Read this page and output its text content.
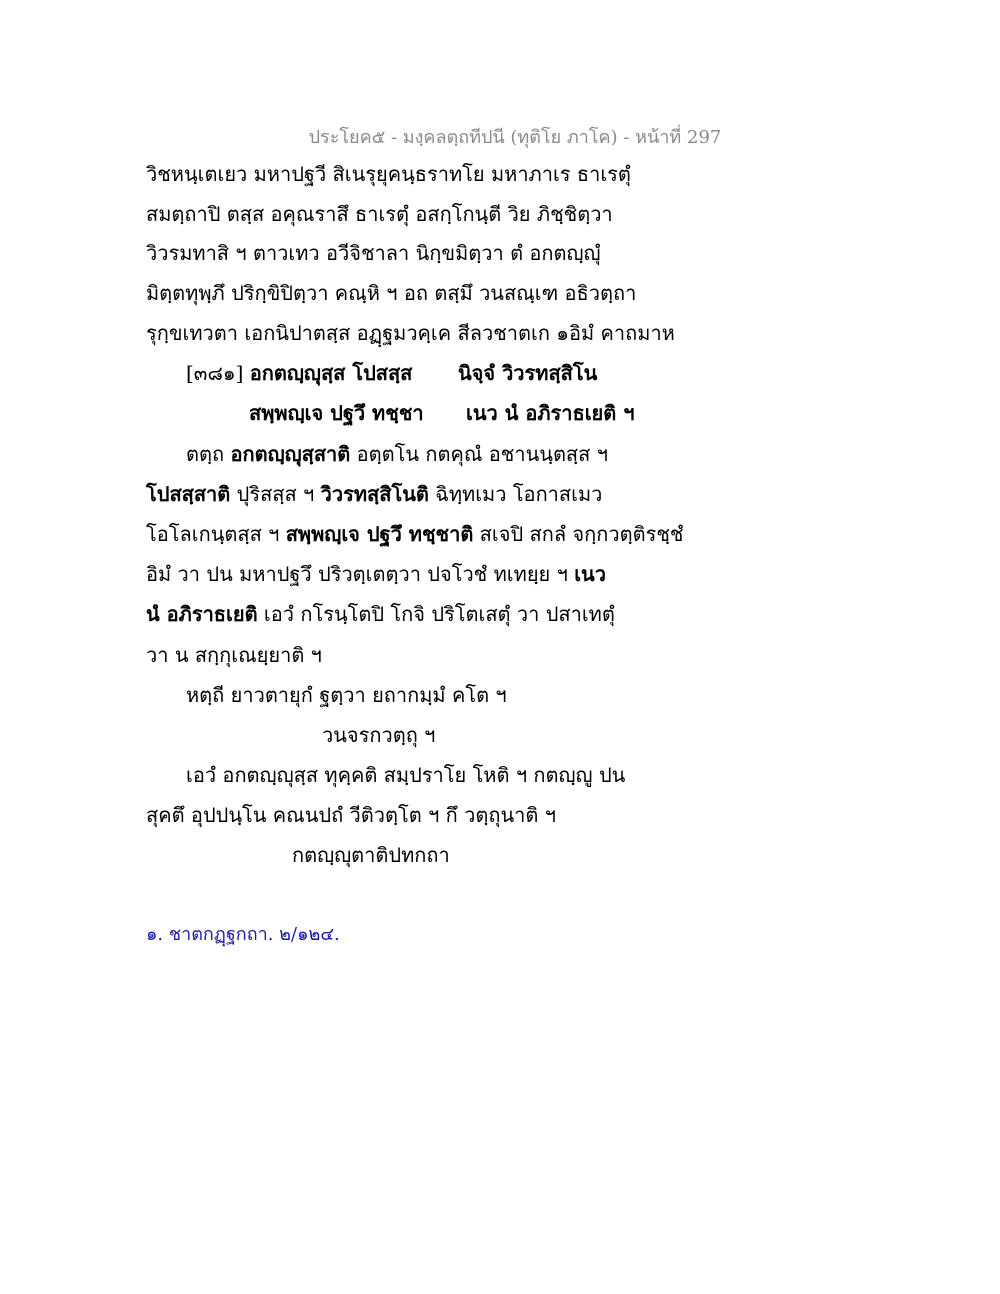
ประโยค๕ - มงฺคลตฺถทีปนี (ทุติโย ภาโค) - หน้าที่ 297
วิชหนฺเตเยว มหาปฐวี สิเนรุยุคนฺธราทโย มหาภาเร ธาเรตุํ
สมตฺถาปิ ตสฺส อคุณราสึ ธาเรตุํ อสกฺโกนฺตี วิย ภิชฺชิตฺวา
วิวรมทาสิ ฯ ตาวเทว อวีจิชาลา นิกฺขมิตฺวา ตํ อกตญฺญุํ
มิตฺตทุพฺภึ ปริกฺขิปิตฺวา คณฺหิ ฯ อถ ตสฺมึ วนสณฺเฑ อธิวตฺถา
รุกฺขเทวตา เอกนิปาตสฺส อฏฺฐมวคฺเค สีลวชาตเก ๑อิมํ คาถมาห
[๓๘๑] อกตญฺญุสฺส โปสสฺส นิจฺจํ วิวรทสฺสิโน
สพฺพญฺเจ ปฐวึ ทชฺชา เนว นํ อภิราธเยติ ฯ
ตตฺถ อกตญฺญุสฺสาติ อตฺตโน กตคุณํ อชานนฺตสฺส ฯ
โปสสฺสาติ ปุริสสฺส ฯ วิวรทสฺสิโนติ ฉิทฺทเมว โอกาสเมว
โอโลเกนฺตสฺส ฯ สพฺพญฺเจ ปฐวึ ทชฺชาติ สเจปิ สกลํ จกฺกวตฺติรชฺชํ
อิมํ วา ปน มหาปฐวึ ปริวตฺเตตฺวา ปจโวชํ ทเทยฺย ฯ เนว
นํ อภิราธเยติ เอวํ กโรนฺโตปิ โกจิ ปริโตเสตุํ วา ปสาเทตุํ
วา น สกฺกุเณยฺยาติ ฯ
หตฺถี ยาวตายุกํ ฐตฺวา ยถากมฺมํ คโต ฯ
วนจรกวตฺถุ ฯ
เอวํ อกตญฺญุสฺส ทุคฺคติ สมฺปราโย โหติ ฯ กตญฺญู ปน
สุคตึ อุปปนฺโน คณนปถํ วีติวตฺโต ฯ กึ วตฺถุนาติ ฯ
กตญฺญุตาติปทกถา
๑. ชาตกฏฺฐกถา. ๒/๑๒๔.
